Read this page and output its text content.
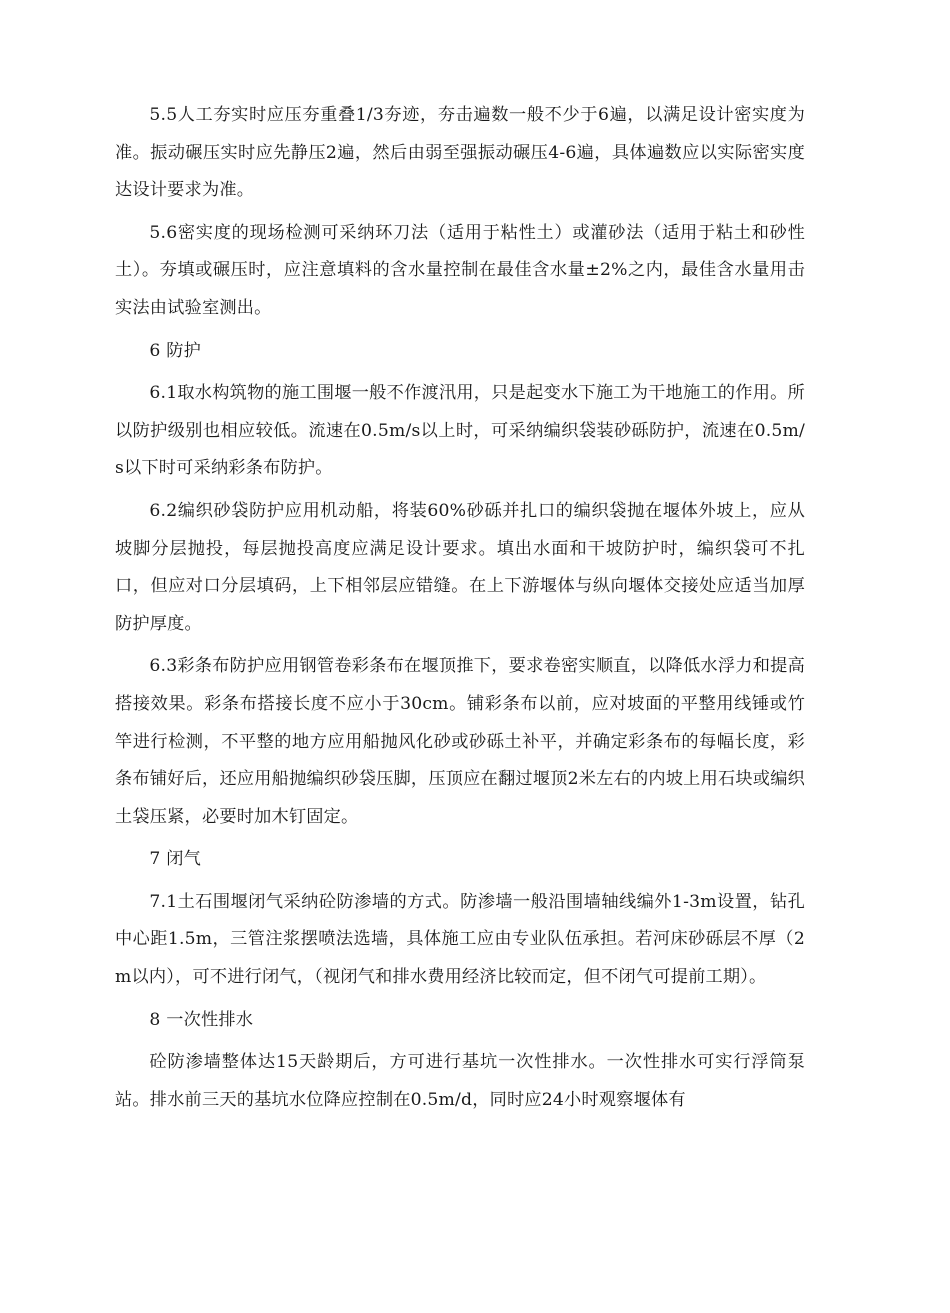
5.5人工夯实时应压夯重叠1/3夯迹，夯击遍数一般不少于6遍，以满足设计密实度为准。振动碾压实时应先静压2遍，然后由弱至强振动碾压4-6遍，具体遍数应以实际密实度达设计要求为准。

5.6密实度的现场检测可采纳环刀法（适用于粘性土）或灌砂法（适用于粘土和砂性土）。夯填或碾压时，应注意填料的含水量控制在最佳含水量±2%之内，最佳含水量用击实法由试验室测出。

6 防护

6.1取水构筑物的施工围堰一般不作渡汛用，只是起变水下施工为干地施工的作用。所以防护级别也相应较低。流速在0.5m/s以上时，可采纳编织袋装砂砾防护，流速在0.5m/s以下时可采纳彩条布防护。

6.2编织砂袋防护应用机动船，将装60%砂砾并扎口的编织袋抛在堰体外坡上，应从坡脚分层抛投，每层抛投高度应满足设计要求。填出水面和干坡防护时，编织袋可不扎口，但应对口分层填码，上下相邻层应错缝。在上下游堰体与纵向堰体交接处应适当加厚防护厚度。

6.3彩条布防护应用钢管卷彩条布在堰顶推下，要求卷密实顺直，以降低水浮力和提高搭接效果。彩条布搭接长度不应小于30cm。铺彩条布以前，应对坡面的平整用线锤或竹竿进行检测，不平整的地方应用船抛风化砂或砂砾土补平，并确定彩条布的每幅长度，彩条布铺好后，还应用船抛编织砂袋压脚，压顶应在翻过堰顶2米左右的内坡上用石块或编织土袋压紧，必要时加木钉固定。

7 闭气

7.1土石围堰闭气采纳砼防渗墙的方式。防渗墙一般沿围墙轴线编外1-3m设置，钻孔中心距1.5m，三管注浆摆喷法选墙，具体施工应由专业队伍承担。若河床砂砾层不厚（2m以内），可不进行闭气，（视闭气和排水费用经济比较而定，但不闭气可提前工期）。

8 一次性排水

砼防渗墙整体达15天龄期后，方可进行基坑一次性排水。一次性排水可实行浮筒泵站。排水前三天的基坑水位降应控制在0.5m/d，同时应24小时观察堰体有
